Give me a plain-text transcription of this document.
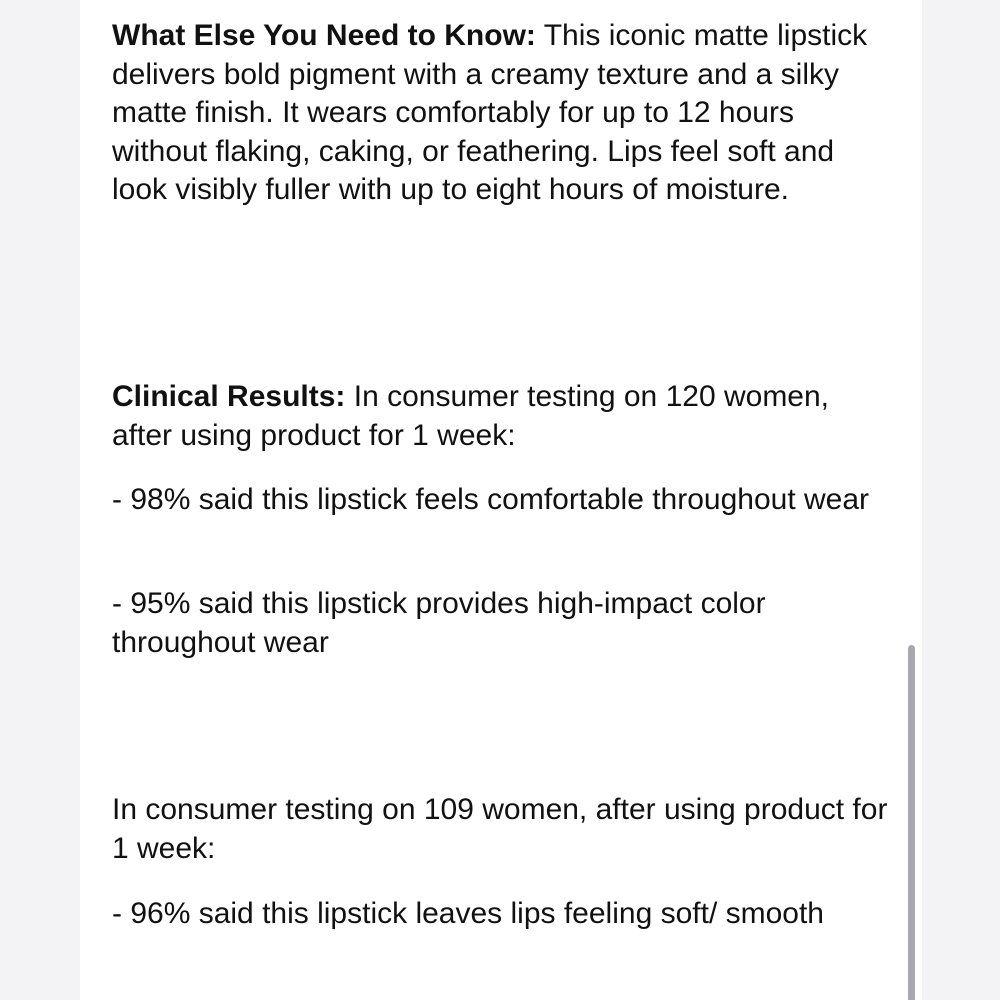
What Else You Need to Know: This iconic matte lipstick delivers bold pigment with a creamy texture and a silky matte finish. It wears comfortably for up to 12 hours without flaking, caking, or feathering. Lips feel soft and look visibly fuller with up to eight hours of moisture.

Clinical Results: In consumer testing on 120 women, after using product for 1 week:

- 98% said this lipstick feels comfortable throughout wear

- 95% said this lipstick provides high-impact color throughout wear

In consumer testing on 109 women, after using product for 1 week:

- 96% said this lipstick leaves lips feeling soft/ smooth
